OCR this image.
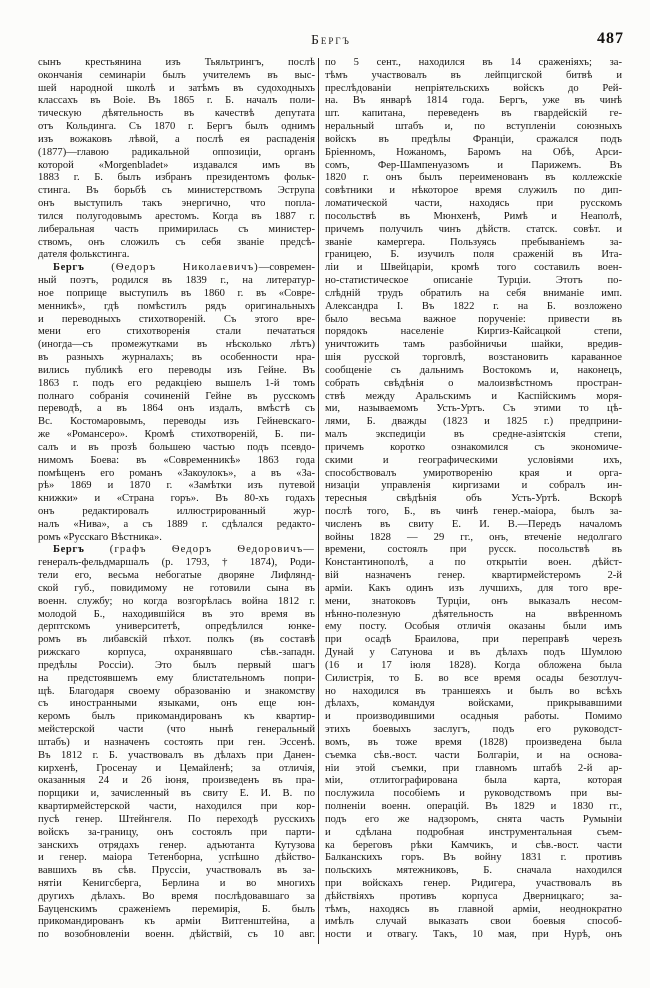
Бергъ	487
сынъ крестьянина изъ Тьяльтрингъ, послѣ
окончанія семинаріи былъ учителемъ въ выс-
шей народной школѣ и затѣмъ въ судоходныхъ
классахъ въ Boie. Въ 1865 г. Б. началъ поли-
тическую дѣятельность въ качествѣ депутата
отъ Кольдинга. Съ 1870 г. Бергъ былъ однимъ
изъ вожаковъ лѣвой, а послѣ ея распаденія
(1877)—главою радикальной оппозиціи, органъ
которой «Morgenbladet» издавался имъ въ
1883 г. Б. былъ избранъ президентомъ фольк-
стинга. Въ борьбѣ съ министерствомъ Эструпа
онъ выступилъ такъ энергично, что попла-
тился полугодовымъ арестомъ. Когда въ 1887 г.
либеральная часть примирилась съ министер-
ствомъ, онъ сложилъ съ себя званіе предсѣ-
дателя фолькстинга.
Бергъ (Ѳедоръ Николаевичъ)—современ-
ный поэтъ, родился въ 1839 г., на литератур-
ное поприще выступилъ въ 1860 г. въ «Совре-
менникѣ», гдѣ помѣстилъ рядъ оригинальныхъ
и переводныхъ стихотвореній. Съ этого вре-
мени его стихотворенія стали печататься
(иногда—съ промежутками въ нѣсколько лѣтъ)
въ разныхъ журналахъ; въ особенности нра-
вились публикѣ его переводы изъ Гейне. Въ
1863 г. подъ его редакціею вышелъ 1-й томъ
полнаго собранія сочиненій Гейне въ русскомъ
переводѣ, а въ 1864 онъ издалъ, вмѣстѣ съ
Вс. Костомаровымъ, переводы изъ Гейневскаго-
же «Романсеро». Кромѣ стихотвореній, Б. пи-
салъ и въ прозѣ большею частью подъ псевдо-
нимомъ Боева: въ «Современникѣ» 1863 года
помѣщенъ его романъ «Закоулокъ», а въ «За-
рѣ» 1869 и 1870 г. «Замѣтки изъ путевой
книжки» и «Страна горъ». Въ 80-хъ годахъ
онъ редактировалъ иллюстрированный жур-
налъ «Нива», а съ 1889 г. сдѣлался редакто-
ромъ «Русскаго Вѣстника».
Бергъ (графъ Ѳедоръ Ѳедоровичъ—
генералъ-фельдмаршалъ (р. 1793, † 1874), Роди-
тели его, весьма небогатые дворяне Лифлянд-
ской губ., повидимому не готовили сына въ
военн. службу; но когда возгорѣлась война 1812 г.
молодой Б., находившійся въ это время въ
дерптскомъ университетѣ, опредѣлился юнке-
ромъ въ либавскій пѣхот. полкъ (въ составѣ
рижскаго корпуса, охранявшаго сѣв.-западн.
предѣлы Россіи). Это былъ первый шагъ
на предстоявшемъ ему блистательномъ попри-
щѣ. Благодаря своему образованію и знакомству
съ иностранными языками, онъ еще юн-
керомъ былъ прикомандированъ къ квартир-
мейстерской части (что нынѣ генеральный
штабъ) и назначенъ состоять при ген. Эссенѣ.
Въ 1812 г. Б. участвовалъ въ дѣлахъ при Данен-
кирхенѣ, Гросенау и Цемайленѣ; за отличія,
оказанныя 24 и 26 іюня, произведенъ въ пра-
порщики и, зачисленный въ свиту Е. И. В. по
квартирмейстерской части, находился при кор-
пусѣ генер. Штейнгеля. По переходѣ русскихъ
войскъ за-границу, онъ состоялъ при парти-
занскихъ отрядахъ генер. адъютанта Кутузова
и генер. маіора Тетенборна, успѣшно дѣйство-
вавшихъ въ сѣв. Пруссіи, участвовалъ въ за-
нятіи Кенигсберга, Берлина и во многихъ
другихъ дѣлахъ. Во время послѣдовавшаго за
Бауценскимъ сраженіемъ перемирія, Б. былъ
прикомандированъ къ арміи Витгенштейна, а
по возобновленіи военн. дѣйствій, съ 10 авг.
по 5 сент., находился въ 14 сраженіяхъ; за-
тѣмъ участвовалъ въ лейпцигской битвѣ и
преслѣдованіи непріятельскихъ войскъ до Рей-
на. Въ январѣ 1814 года. Бергъ, уже въ чинѣ
шт. капитана, переведенъ въ гвардейскій ге-
неральный штабъ и, по вступленіи союзныхъ
войскъ въ предѣлы Франціи, сражался подъ
Бріенномъ, Ножаномъ, Баромъ на Обѣ, Арси-
сомъ, Фер-Шампенуазомъ и Парижемъ. Въ
1820 г. онъ былъ переименованъ въ коллежскіе
совѣтники и нѣкоторое время служилъ по дип-
ломатической части, находясь при русскомъ
посольствѣ въ Мюнхенѣ, Римѣ и Неаполѣ,
причемъ получилъ чинъ дѣйств. статск. совѣт. и
званіе камергера. Пользуясь пребываніемъ за-
границею, Б. изучилъ поля сраженій въ Ита-
ліи и Швейцаріи, кромѣ того составилъ воен-
но-статистическое описаніе Турціи. Этотъ по-
слѣдній трудъ обратилъ на себя вниманіе имп.
Александра I. Въ 1822 г. на Б. возложено
было весьма важное порученіе: привести въ
порядокъ населеніе Киргиз-Кайсацкой степи,
уничтожить тамъ разбойничьи шайки, вредив-
шія русской торговлѣ, возстановить караванное
сообщеніе съ дальнимъ Востокомъ и, наконецъ,
собрать свѣдѣнія о малоизвѣстномъ простран-
ствѣ между Аральскимъ и Каспійскимъ моря-
ми, называемомъ Усть-Уртъ. Съ этими то цѣ-
лями, Б. дважды (1823 и 1825 г.) предприни-
малъ экспедиціи въ средне-азіятскія степи,
причемъ коротко ознакомился съ экономиче-
скими и географическими условіями ихъ,
способствовалъ умиротворенію края и орга-
низаціи управленія киргизами и собралъ ин-
тересныя свѣдѣнія объ Усть-Уртѣ. Вскорѣ
послѣ того, Б., въ чинѣ генер.-маіора, былъ за-
численъ въ свиту Е. И. В.—Передъ началомъ
войны 1828 — 29 гг., онъ, втеченіе недолгаго
времени, состоялъ при русск. посольствѣ въ
Константинополѣ, а по открытіи воен. дѣйст-
вій назначенъ генер. квартирмейстеромъ 2-й
арміи. Какъ одинъ изъ лучшихъ, для того вре-
мени, знатоковъ Турціи, онъ выказалъ несом-
нѣнно-полезную дѣятельность на ввѣренномъ
ему посту. Особыя отличія оказаны были имъ
при осадѣ Браилова, при переправѣ черезъ
Дунай у Сатунова и въ дѣлахъ подъ Шумлою
(16 и 17 іюля 1828). Когда обложена была
Силистрія, то Б. во все время осады безотлуч-
но находился въ траншеяхъ и былъ во всѣхъ
дѣлахъ, командуя войсками, прикрывавшими
и производившими осадныя работы. Помимо
этихъ боевыхъ заслугъ, подъ его руководст-
вомъ, въ тоже время (1828) произведена была
съемка сѣв.-вост. части Болгаріи, и на основа-
ніи этой съемки, при главномъ штабѣ 2-й ар-
міи, отлитографирована была карта, которая
послужила пособіемъ и руководствомъ при вы-
полненіи военн. операцій. Въ 1829 и 1830 гг.,
подъ его же надзоромъ, снята часть Румыніи
и сдѣлана подробная инструментальная съем-
ка береговъ рѣки Камчикъ, и сѣв.-вост. части
Балканскихъ горъ. Въ войну 1831 г. противъ
польскихъ мятежниковъ, Б. сначала находился
при войскахъ генер. Ридигера, участвовалъ въ
дѣйствіяхъ противъ корпуса Дверницкаго; за-
тѣмъ, находясь въ главной арміи, неоднократно
имѣлъ случай выказать свои боевыя способ-
ности и отвагу. Такъ, 10 мая, при Нурѣ, онъ
